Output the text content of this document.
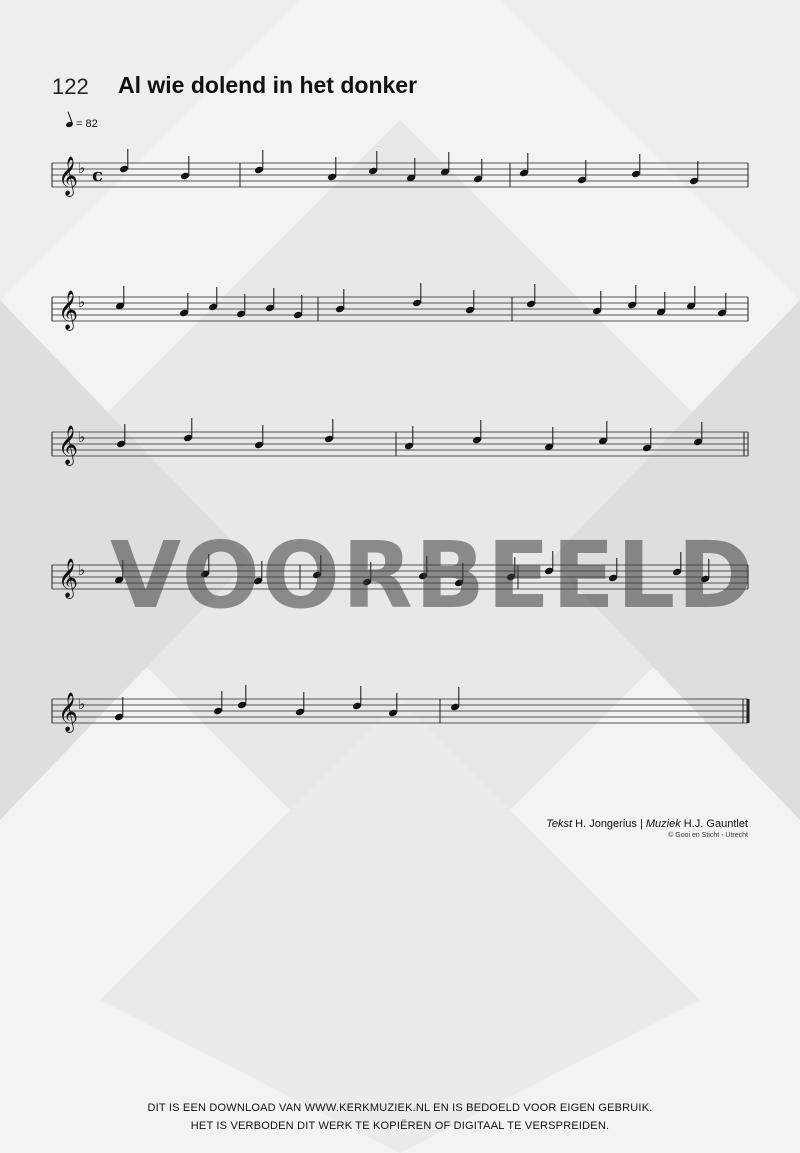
122 Al wie dolend in het donker
= 82
𝄞 ♭ c
𝄞 ♭
𝄞 ♭
𝄞 ♭
𝄞 ♭
Tekst H. Jongerius | Muziek H.J. Gauntlet
© Gooi en Sticht - Utrecht
VOORBEELD
DIT IS EEN DOWNLOAD VAN WWW.KERKMUZIEK.NL EN IS BEDOELD VOOR EIGEN GEBRUIK.
HET IS VERBODEN DIT WERK TE KOPIËREN OF DIGITAAL TE VERSPREIDEN.
